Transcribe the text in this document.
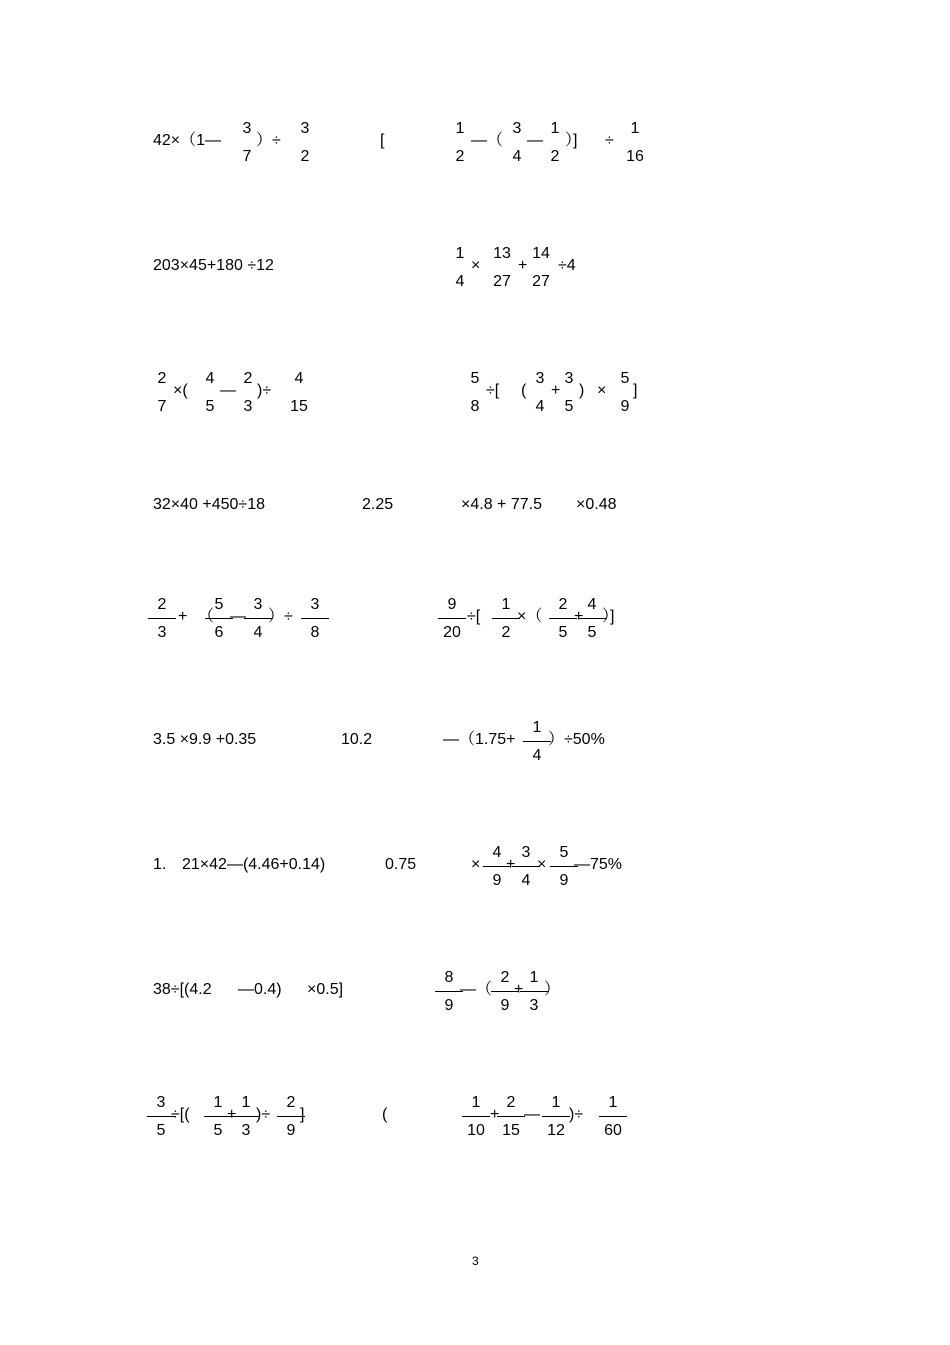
42×（1—
3
7
）÷
3
2
[
1
2
—（
3
4
—
1
2
）] ÷
1
16
203×45+180 ÷12
1
4
×
13
27
+
14
27
÷4
2
7
×(
4
5
—
2
3
)÷
4
15
5
8
÷[ (
3
4
+
3
5
) ×
5
9
]
32×40 +450÷18	2.25	×4.8 + 77.5 ×0.48
2
3
+ （
5
6
—
3
4
）÷
3
8
9
20
÷[
1
2
×（
2
5
+
4
5
）]
3.5 ×9.9 +0.35	10.2	—（1.75+
1
4
）÷50%
1. 21×42—(4.46+0.14)	0.75	×
4
9
+
3
4
×
5
9
—75%
38÷[(4.2 —0.4) ×0.5]
8
9
—（
2
9
+
1
3
）
3
5
÷[(
1
5
+
1
3
)÷
2
9
]	(
1
10
+
2
15
—
1
12
)÷
1
60
3
